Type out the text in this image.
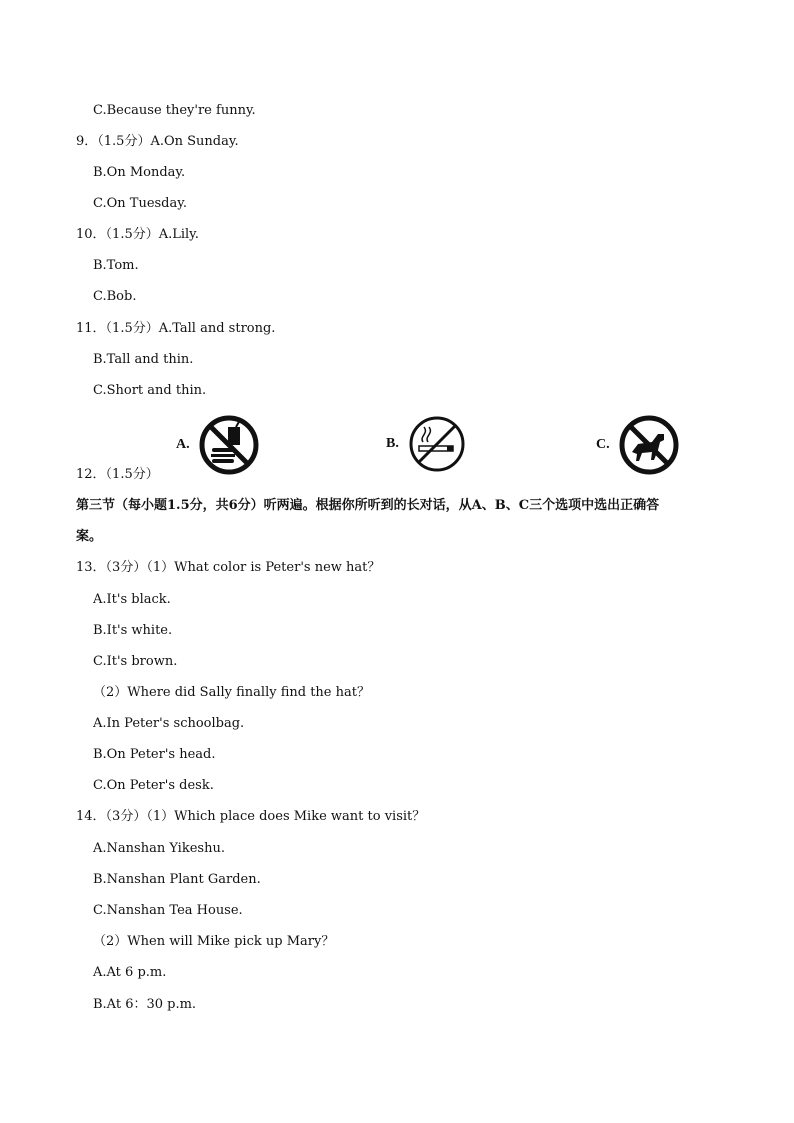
C.Because they're funny.
9．（1.5分）A.On Sunday.
B.On Monday.
C.On Tuesday.
10．（1.5分）A.Lily.
B.Tom.
C.Bob.
11．（1.5分）A.Tall and strong.
B.Tall and thin.
C.Short and thin.
A.	B.	C.
12．（1.5分）
第三节（每小题1.5分，共6分）听两遍。根据你所听到的长对话，从A、B、C三个选项中选出正确答
案。
13．（3分）（1）What color is Peter's new hat？
A.It's black.
B.It's white.
C.It's brown.
（2）Where did Sally finally find the hat？
A.In Peter's schoolbag.
B.On Peter's head.
C.On Peter's desk.
14．（3分）（1）Which place does Mike want to visit？
A.Nanshan Yikeshu.
B.Nanshan Plant Garden.
C.Nanshan Tea House.
（2）When will Mike pick up Mary？
A.At 6 p.m.
B.At 6：30 p.m.
